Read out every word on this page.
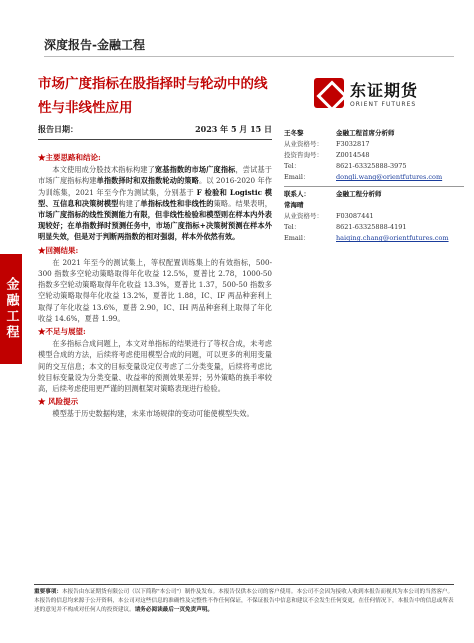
金融工程
深度报告-金融工程
市场广度指标在股指择时与轮动中的线
性与非线性应用
东证期货
ORIENT FUTURES
报告日期：	2023 年 5 月 15 日 王冬黎	金融工程首席分析师
从业资格号：	F3032817
投资咨询号：	Z0014548
Tel：	8621-63325888-3975
Email：	dongli.wang@orientfutures.com
联系人：	金融工程分析师
常海晴
从业资格号：	F03087441
Tel：	8621-63325888-4191
Email：	haiqing.chang@orientfutures.com
★主要思路和结论:
本文使用成分股技术指标构建了宽基指数的市场广度指标，尝试基于市场广度指标构建单指数择时和双指数轮动的策略。以 2016-2020 年作为训练集，2021 年至今作为测试集，分别基于 F 检验和 Logistic 模型、互信息和决策树模型构建了单指标线性和非线性的策略。结果表明，市场广度指标的线性预测能力有限，但非线性检验和模型则在样本内外表现较好；在单指数择时预测任务中，市场广度指标+决策树预测在样本外明显失效，但是对于判断两指数的相对强弱，样本外依然有效。
★回测结果:
在 2021 年至今的测试集上，等权配置训练集上的有效指标，500-300 指数多空轮动策略取得年化收益 12.5%，夏普比 2.78，1000-50 指数多空轮动策略取得年化收益 13.3%，夏普比 1.37，500-50 指数多空轮动策略取得年化收益 13.2%，夏普比 1.88，IC、IF 两品种套利上取得了年化收益 13.6%，夏普 2.90，IC、IH 两品种套利上取得了年化收益 14.6%，夏普 1.99。
★不足与展望:
在多指标合成问题上，本文对单指标的结果进行了等权合成，未考虑模型合成的方法，后续将考虑使用模型合成的问题，可以更多的利用变量间的交互信息；本文的目标变量设定仅考虑了二分类变量，后续将考虑比较目标变量设为分类变量、收益率的预测效果差异；另外策略的换手率较高，后续考虑使用更严谨的回测框架对策略表现进行检验。
★ 风险提示
模型基于历史数据构建，未来市场规律的变动可能使模型失效。
重要事项：本报告由东证期货有限公司（以下简称"本公司"）制作及发布。本报告仅供本公司的客户使用。本公司不会因为接收人收到本报告而视其为本公司的当然客户。本报告的信息均来源于公开资料，本公司对这些信息的准确性及完整性不作任何保证，不保证报告中信息和建议不会发生任何变更，在任何情况下，本报告中的信息或所表述的意见并不构成对任何人的投资建议。请务必阅读最后一页免责声明。
